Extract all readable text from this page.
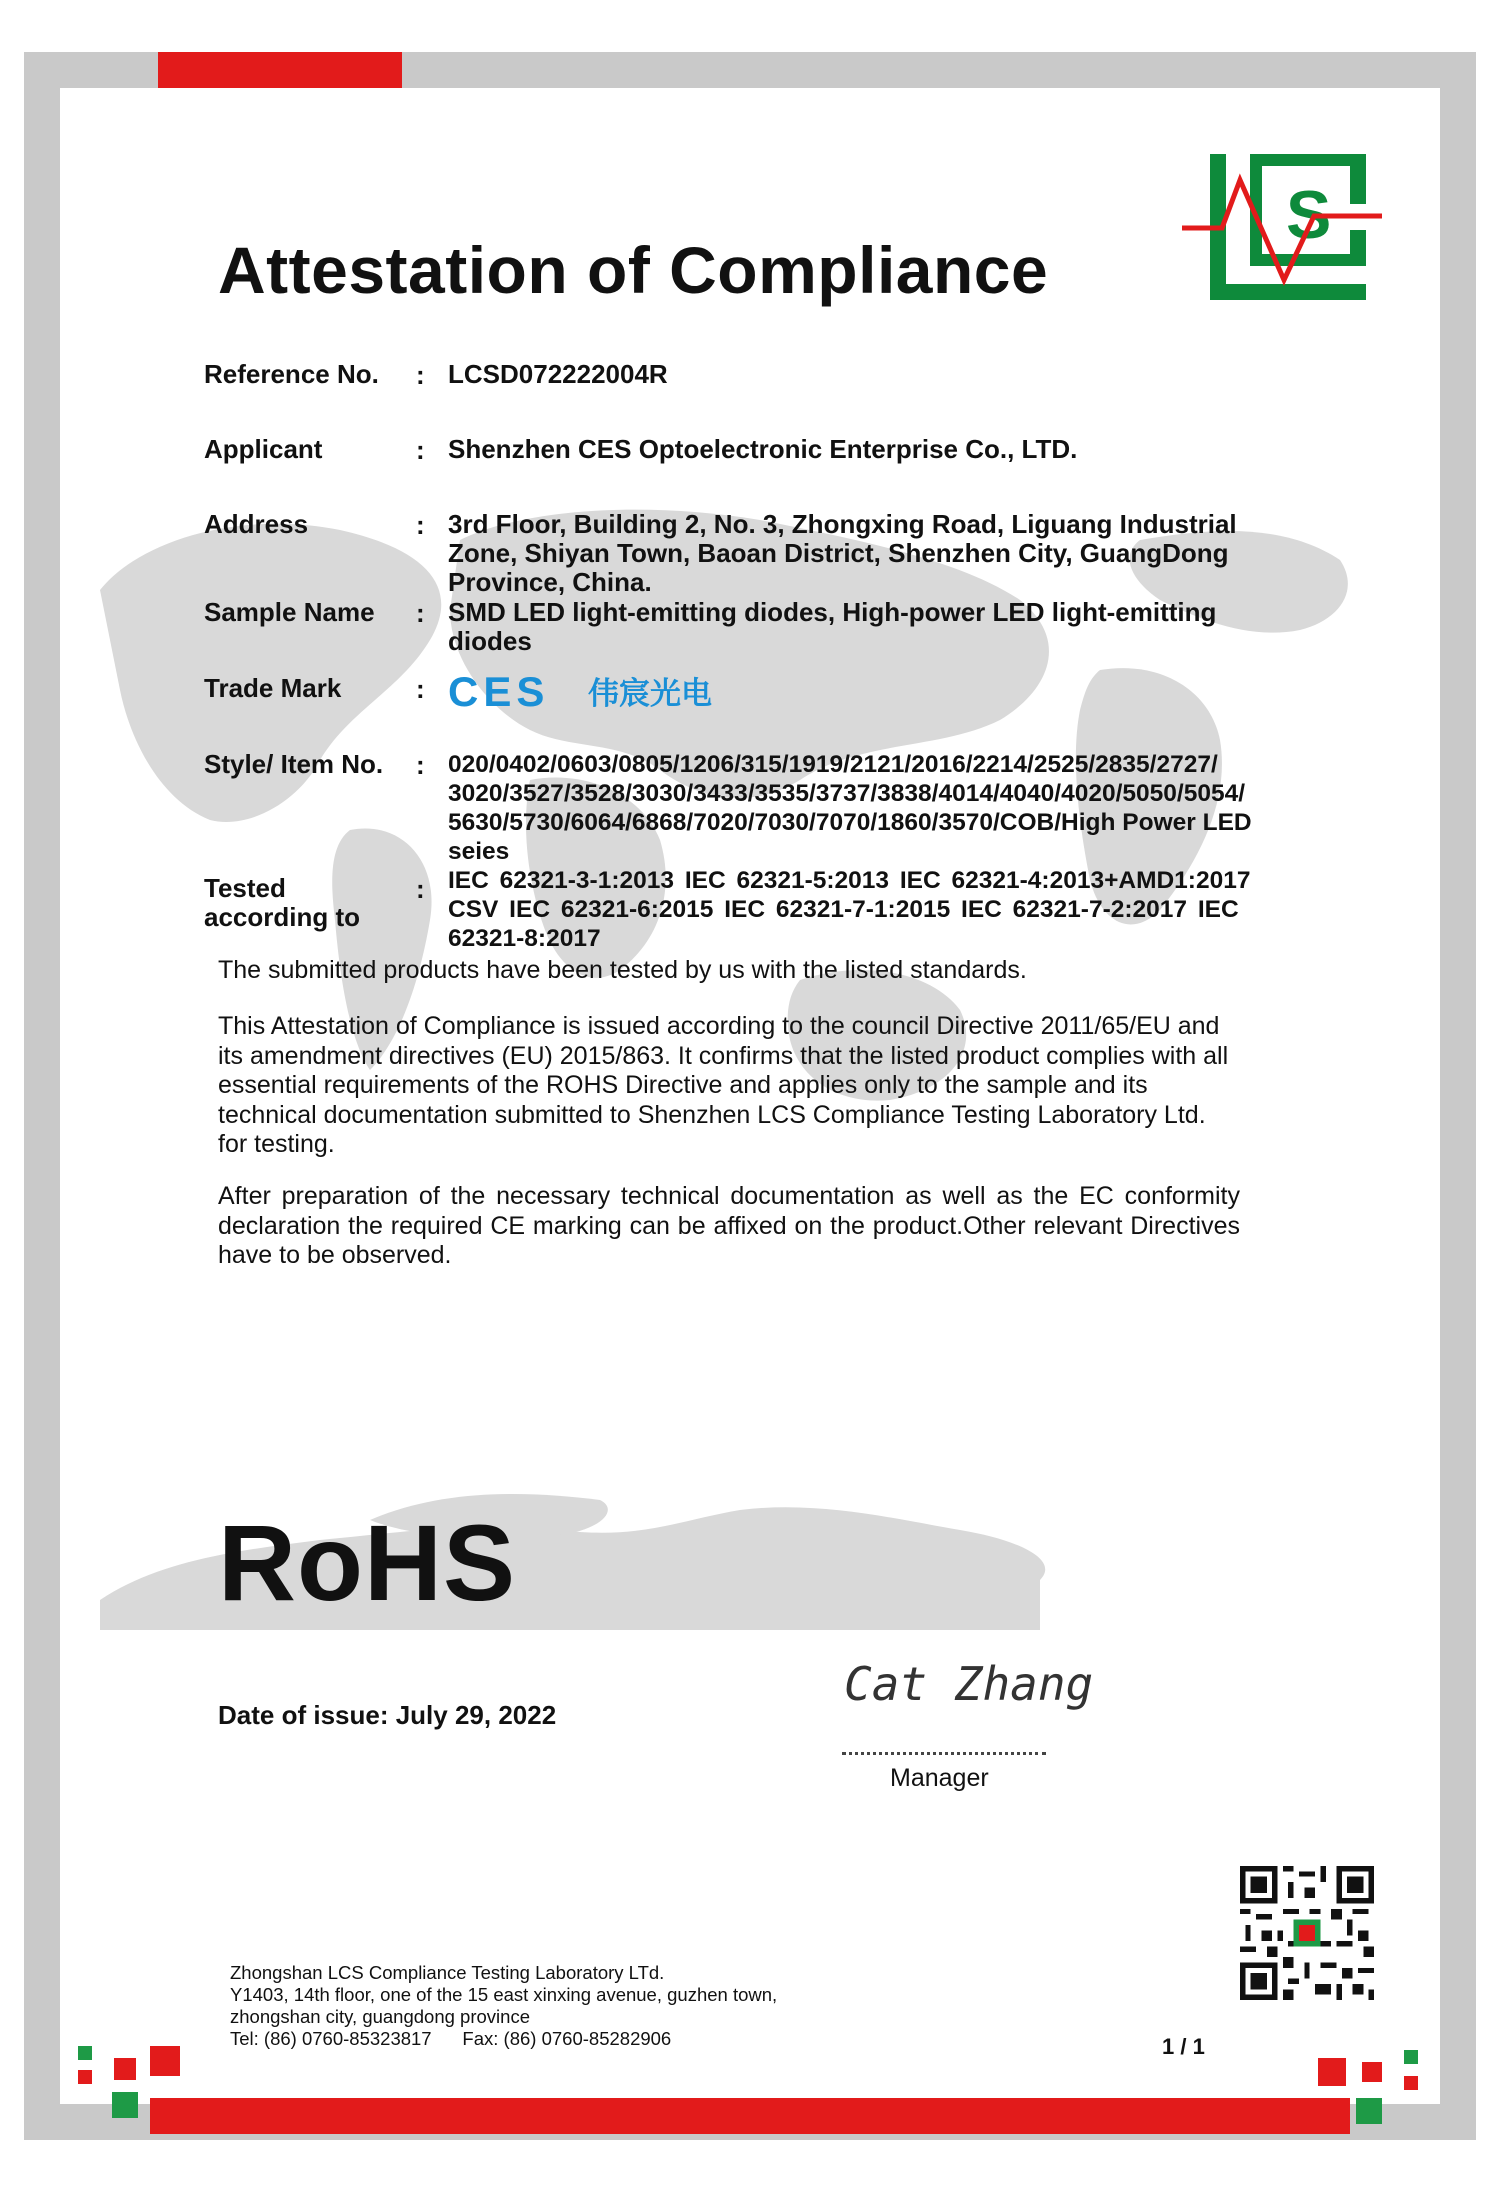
S
Attestation of Compliance
Reference No. : LCSD072222004R
Applicant	: Shenzhen CES Optoelectronic Enterprise Co., LTD.
Address	: 3rd Floor, Building 2, No. 3, Zhongxing Road, Liguang Industrial Zone, Shiyan Town, Baoan District, Shenzhen City, GuangDong Province, China.
Sample Name : SMD LED light-emitting diodes, High-power LED light-emitting diodes
Trade Mark	: CES 伟宸光电
Style/ Item No. : 020/0402/0603/0805/1206/315/1919/2121/2016/2214/2525/2835/2727/ 3020/3527/3528/3030/3433/3535/3737/3838/4014/4040/4020/5050/5054/ 5630/5730/6064/6868/7020/7030/7070/1860/3570/COB/High Power LED seies
Tested according to
: IEC 62321-3-1:2013 IEC 62321-5:2013 IEC 62321-4:2013+AMD1:2017 CSV IEC 62321-6:2015 IEC 62321-7-1:2015 IEC 62321-7-2:2017 IEC 62321-8:2017

The submitted products have been tested by us with the listed standards.

This Attestation of Compliance is issued according to the council Directive 2011/65/EU and its amendment directives (EU) 2015/863. It confirms that the listed product complies with all essential requirements of the ROHS Directive and applies only to the sample and its technical documentation submitted to Shenzhen LCS Compliance Testing Laboratory Ltd. for testing.

After preparation of the necessary technical documentation as well as the EC conformity declaration the required CE marking can be affixed on the product.Other relevant Directives have to be observed.

RoHS
Date of issue: July 29, 2022
Cat Zhang
Manager
Zhongshan LCS Compliance Testing Laboratory LTd.
Y1403, 14th floor, one of the 15 east xinxing avenue, guzhen town,
zhongshan city, guangdong province
Tel: (86) 0760-85323817      Fax: (86) 0760-85282906	1 / 1
